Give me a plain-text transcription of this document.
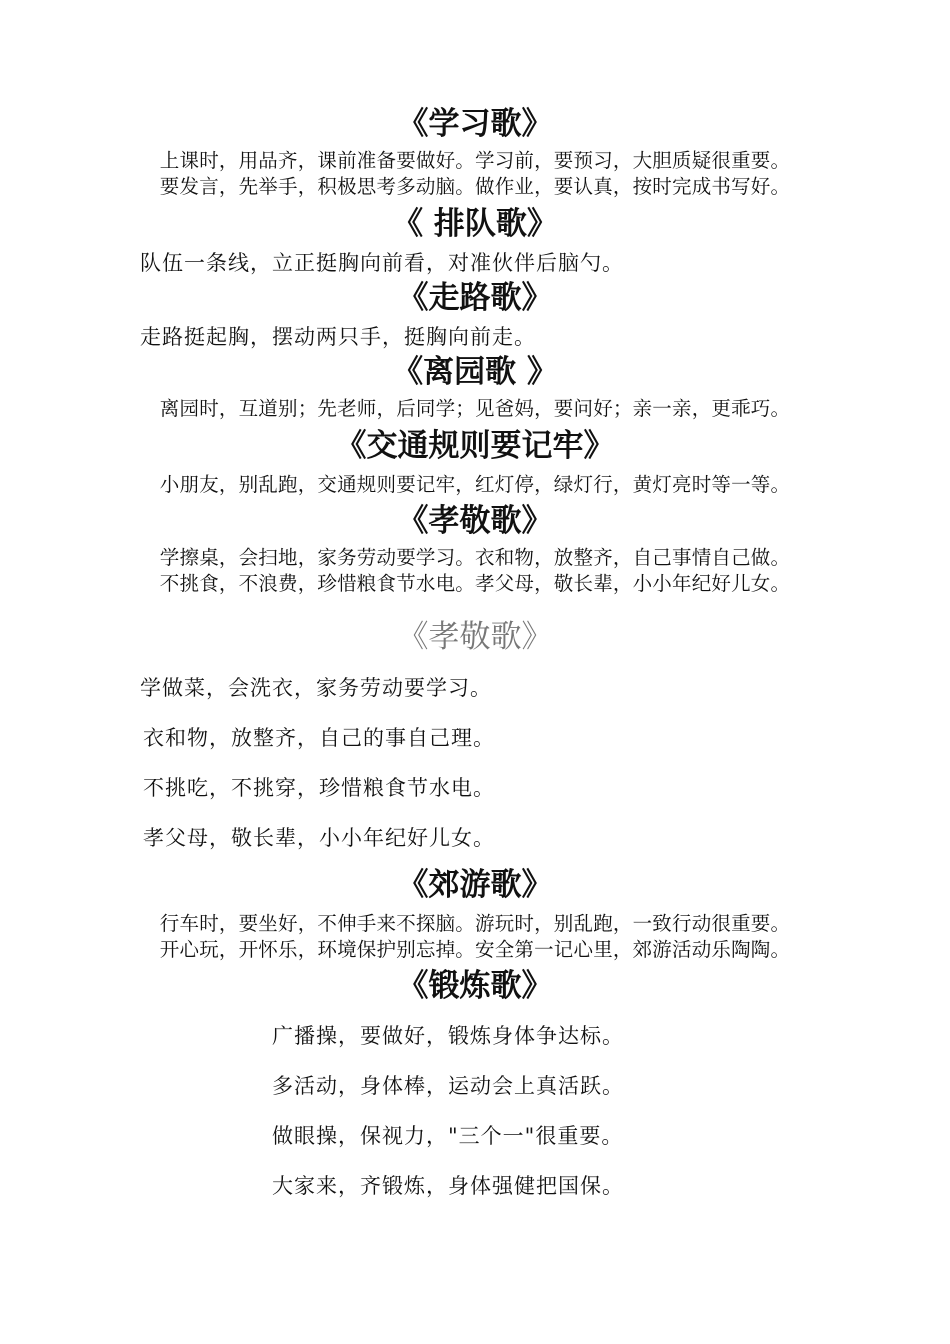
《学习歌》
上课时，用品齐，课前准备要做好。学习前，要预习，大胆质疑很重要。
要发言，先举手，积极思考多动脑。做作业，要认真，按时完成书写好。
《 排队歌》
队伍一条线，立正挺胸向前看，对准伙伴后脑勺。
《走路歌》
走路挺起胸，摆动两只手，挺胸向前走。
《离园歌 》
离园时，互道别；先老师，后同学；见爸妈，要问好；亲一亲，更乖巧。
《交通规则要记牢》
小朋友，别乱跑，交通规则要记牢，红灯停，绿灯行，黄灯亮时等一等。
《孝敬歌》
学擦桌，会扫地，家务劳动要学习。衣和物，放整齐，自己事情自己做。
不挑食，不浪费，珍惜粮食节水电。孝父母，敬长辈，小小年纪好儿女。
《孝敬歌》
学做菜，会洗衣，家务劳动要学习。
衣和物，放整齐，自己的事自己理。
不挑吃，不挑穿，珍惜粮食节水电。
孝父母，敬长辈，小小年纪好儿女。
《郊游歌》
行车时，要坐好，不伸手来不探脑。游玩时，别乱跑，一致行动很重要。
开心玩，开怀乐，环境保护别忘掉。安全第一记心里，郊游活动乐陶陶。
《锻炼歌》
广播操，要做好，锻炼身体争达标。
多活动，身体棒，运动会上真活跃。
做眼操，保视力，"三个一"很重要。
大家来，齐锻炼，身体强健把国保。
